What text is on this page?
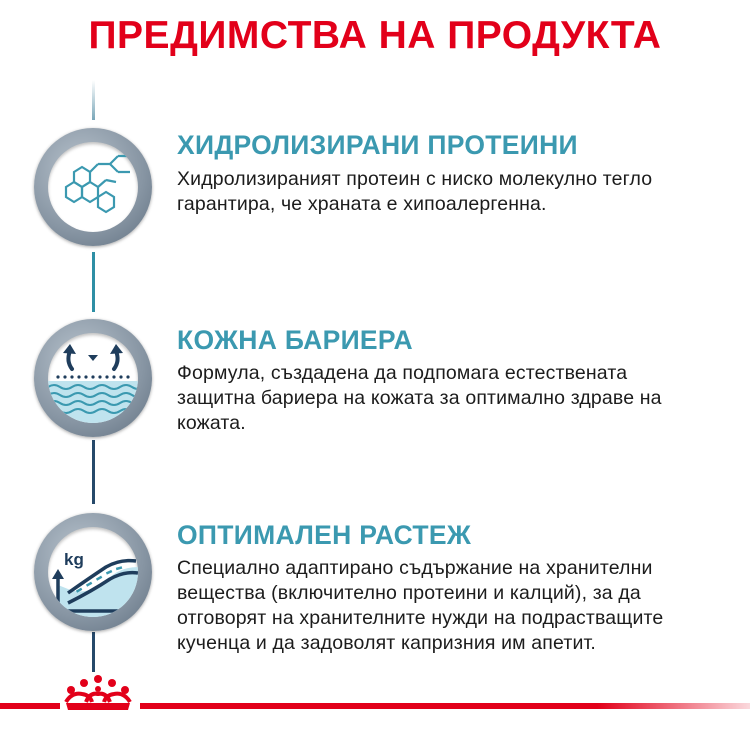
ПРЕДИМСТВА НА ПРОДУКТА
ХИДРОЛИЗИРАНИ ПРОТЕИНИ
Хидролизираният протеин с ниско молекулно тегло
гарантира, че храната е хипоалергенна.
КОЖНА БАРИЕРА
Формула, създадена да подпомага естествената
защитна бариера на кожата за оптимално здраве на
кожата.
kg
ОПТИМАЛЕН РАСТЕЖ
Специално адаптирано съдържание на хранителни
вещества (включително протеини и калций), за да
отговорят на хранителните нужди на подрастващите
кученца и да задоволят капризния им апетит.
